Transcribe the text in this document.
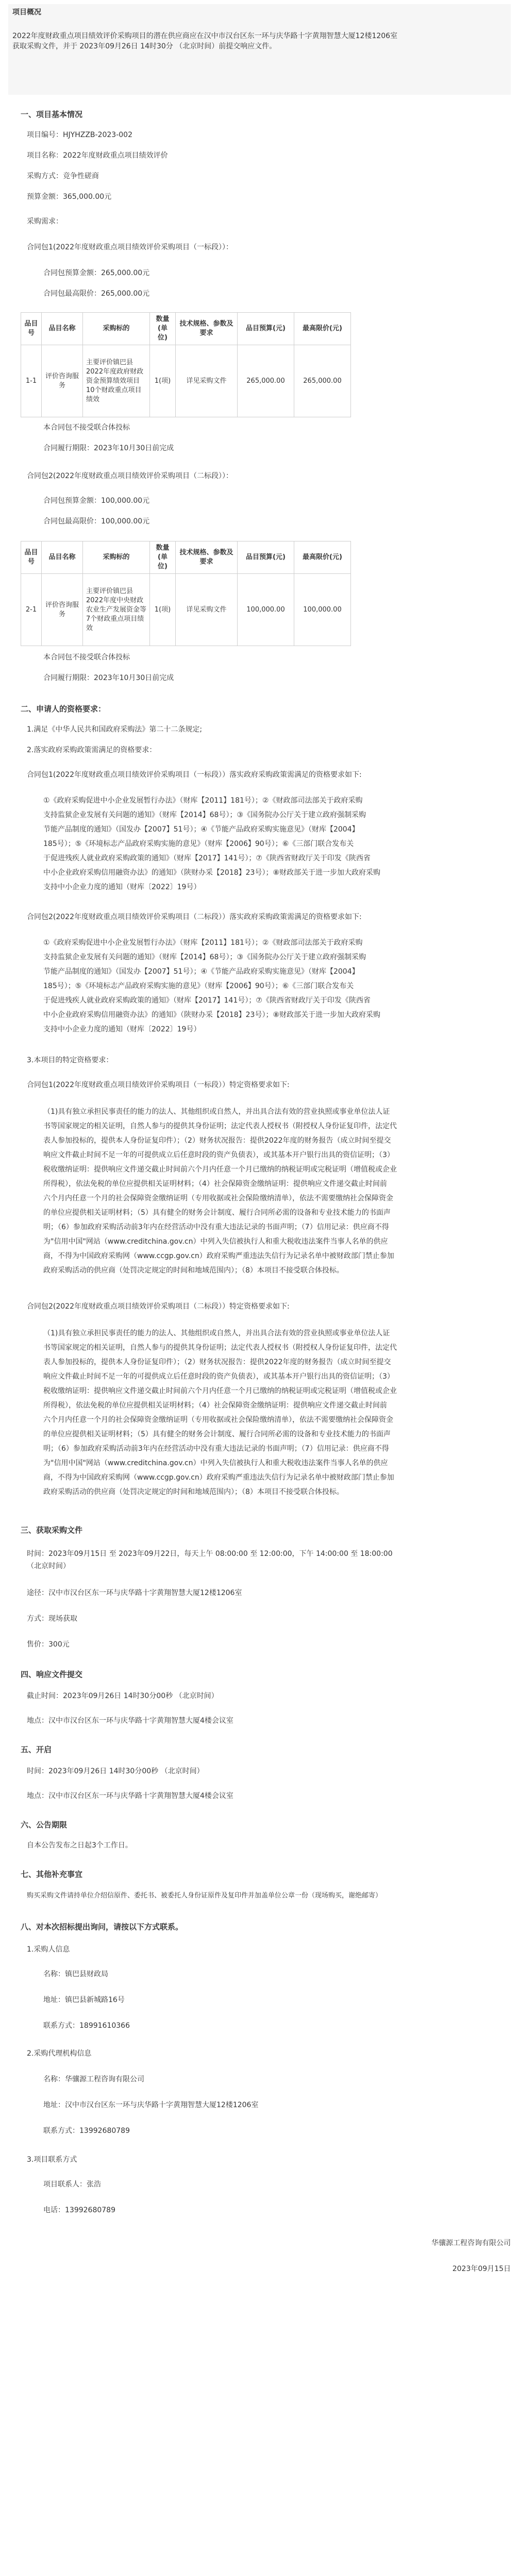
项目概况
2022年度财政重点项目绩效评价采购项目的潜在供应商应在汉中市汉台区东一环与庆华路十字黄翔智慧大厦12楼1206室
获取采购文件，并于 2023年09月26日 14时30分 （北京时间）前提交响应文件。
一、项目基本情况
项目编号：HJYHZZB-2023-002
项目名称：2022年度财政重点项目绩效评价
采购方式：竞争性磋商
预算金额：365,000.00元
采购需求：
合同包1(2022年度财政重点项目绩效评价采购项目（一标段））：
合同包预算金额：265,000.00元
合同包最高限价：265,000.00元
品目号	品目名称	采购标的	数量(单位)	技术规格、参数及要求	品目预算(元)	最高限价(元)
1-1	评价咨询服务	主要评价镇巴县2022年度政府财政资金预算绩效项目10个财政重点项目绩效	1(项)	详见采购文件	265,000.00	265,000.00
本合同包不接受联合体投标
合同履行期限：2023年10月30日前完成
合同包2(2022年度财政重点项目绩效评价采购项目（二标段））：
合同包预算金额：100,000.00元
合同包最高限价：100,000.00元
品目号	品目名称	采购标的	数量(单位)	技术规格、参数及要求	品目预算(元)	最高限价(元)
2-1	评价咨询服务	主要评价镇巴县2022年度中央财政农业生产发展资金等7个财政重点项目绩效	1(项)	详见采购文件	100,000.00	100,000.00
本合同包不接受联合体投标
合同履行期限：2023年10月30日前完成
二、申请人的资格要求：
1.满足《中华人民共和国政府采购法》第二十二条规定;
2.落实政府采购政策需满足的资格要求：
合同包1(2022年度财政重点项目绩效评价采购项目（一标段））落实政府采购政策需满足的资格要求如下:
①《政府采购促进中小企业发展暂行办法》（财库【2011】181号）；②《财政部司法部关于政府采购
支持监狱企业发展有关问题的通知》（财库【2014】68号）；③《国务院办公厅关于建立政府强制采购
节能产品制度的通知》（国发办【2007】51号）；④《节能产品政府采购实施意见》（财库【2004】
185号）；⑤《环境标志产品政府采购实施的意见》（财库【2006】90号）；⑥《三部门联合发布关
于促进残疾人就业政府采购政策的通知》（财库【2017】141号）；⑦《陕西省财政厅关于印发《陕西省
中小企业政府采购信用融资办法》的通知》（陕财办采【2018】23号）；⑧财政部关于进一步加大政府采购
支持中小企业力度的通知（财库〔2022〕19号）
合同包2(2022年度财政重点项目绩效评价采购项目（二标段））落实政府采购政策需满足的资格要求如下:
①《政府采购促进中小企业发展暂行办法》（财库【2011】181号）；②《财政部司法部关于政府采购
支持监狱企业发展有关问题的通知》（财库【2014】68号）；③《国务院办公厅关于建立政府强制采购
节能产品制度的通知》（国发办【2007】51号）；④《节能产品政府采购实施意见》（财库【2004】
185号）；⑤《环境标志产品政府采购实施的意见》（财库【2006】90号）；⑥《三部门联合发布关
于促进残疾人就业政府采购政策的通知》（财库【2017】141号）；⑦《陕西省财政厅关于印发《陕西省
中小企业政府采购信用融资办法》的通知》（陕财办采【2018】23号）；⑧财政部关于进一步加大政府采购
支持中小企业力度的通知（财库〔2022〕19号）
3.本项目的特定资格要求：
合同包1(2022年度财政重点项目绩效评价采购项目（一标段））特定资格要求如下:
（1)具有独立承担民事责任的能力的法人、其他组织或自然人，并出具合法有效的营业执照或事业单位法人证
书等国家规定的相关证明，自然人参与的提供其身份证明；法定代表人授权书（附授权人身份证复印件，法定代
表人参加投标的，提供本人身份证复印件）；（2）财务状况报告：提供2022年度的财务报告（成立时间至提交
响应文件截止时间不足一年的可提供成立后任意时段的资产负债表），或其基本开户银行出具的资信证明；（3）
税收缴纳证明：提供响应文件递交截止时间前六个月内任意一个月已缴纳的纳税证明或完税证明（增值税或企业
所得税），依法免税的单位应提供相关证明材料；（4）社会保障资金缴纳证明：提供响应文件递交截止时间前
六个月内任意一个月的社会保障资金缴纳证明（专用收据或社会保险缴纳清单），依法不需要缴纳社会保障资金
的单位应提供相关证明材料；（5）具有健全的财务会计制度、履行合同所必需的设备和专业技术能力的书面声
明；（6）参加政府采购活动前3年内在经营活动中没有重大违法记录的书面声明；（7）信用记录：供应商不得
为"信用中国"网站（www.creditchina.gov.cn）中列入失信被执行人和重大税收违法案件当事人名单的供应
商，不得为中国政府采购网（www.ccgp.gov.cn）政府采购严重违法失信行为记录名单中被财政部门禁止参加
政府采购活动的供应商（处罚决定规定的时间和地域范围内）；（8）本项目不接受联合体投标。
合同包2(2022年度财政重点项目绩效评价采购项目（二标段））特定资格要求如下:
（1)具有独立承担民事责任的能力的法人、其他组织或自然人，并出具合法有效的营业执照或事业单位法人证
书等国家规定的相关证明，自然人参与的提供其身份证明；法定代表人授权书（附授权人身份证复印件，法定代
表人参加投标的，提供本人身份证复印件）；（2）财务状况报告：提供2022年度的财务报告（成立时间至提交
响应文件截止时间不足一年的可提供成立后任意时段的资产负债表），或其基本开户银行出具的资信证明；（3）
税收缴纳证明：提供响应文件递交截止时间前六个月内任意一个月已缴纳的纳税证明或完税证明（增值税或企业
所得税），依法免税的单位应提供相关证明材料；（4）社会保障资金缴纳证明：提供响应文件递交截止时间前
六个月内任意一个月的社会保障资金缴纳证明（专用收据或社会保险缴纳清单），依法不需要缴纳社会保障资金
的单位应提供相关证明材料；（5）具有健全的财务会计制度、履行合同所必需的设备和专业技术能力的书面声
明；（6）参加政府采购活动前3年内在经营活动中没有重大违法记录的书面声明；（7）信用记录：供应商不得
为"信用中国"网站（www.creditchina.gov.cn）中列入失信被执行人和重大税收违法案件当事人名单的供应
商，不得为中国政府采购网（www.ccgp.gov.cn）政府采购严重违法失信行为记录名单中被财政部门禁止参加
政府采购活动的供应商（处罚决定规定的时间和地域范围内）；（8）本项目不接受联合体投标。
三、获取采购文件
时间：2023年09月15日 至 2023年09月22日，每天上午 08:00:00 至 12:00:00，下午 14:00:00 至 18:00:00
（北京时间）
途径：汉中市汉台区东一环与庆华路十字黄翔智慧大厦12楼1206室
方式：现场获取
售价：300元
四、响应文件提交
截止时间：2023年09月26日 14时30分00秒 （北京时间）
地点：汉中市汉台区东一环与庆华路十字黄翔智慧大厦4楼会议室
五、开启
时间：2023年09月26日 14时30分00秒 （北京时间）
地点：汉中市汉台区东一环与庆华路十字黄翔智慧大厦4楼会议室
六、公告期限
自本公告发布之日起3个工作日。
七、其他补充事宜
购买采购文件请持单位介绍信原件、委托书、被委托人身份证原件及复印件并加盖单位公章一份（现场购买，谢绝邮寄）
八、对本次招标提出询问，请按以下方式联系。
1.采购人信息
名称：镇巴县财政局
地址：镇巴县新城路16号
联系方式：18991610366
2.采购代理机构信息
名称：华骧源工程咨询有限公司
地址：汉中市汉台区东一环与庆华路十字黄翔智慧大厦12楼1206室
联系方式：13992680789
3.项目联系方式
项目联系人：张浩
电话：13992680789
华骧源工程咨询有限公司
2023年09月15日
